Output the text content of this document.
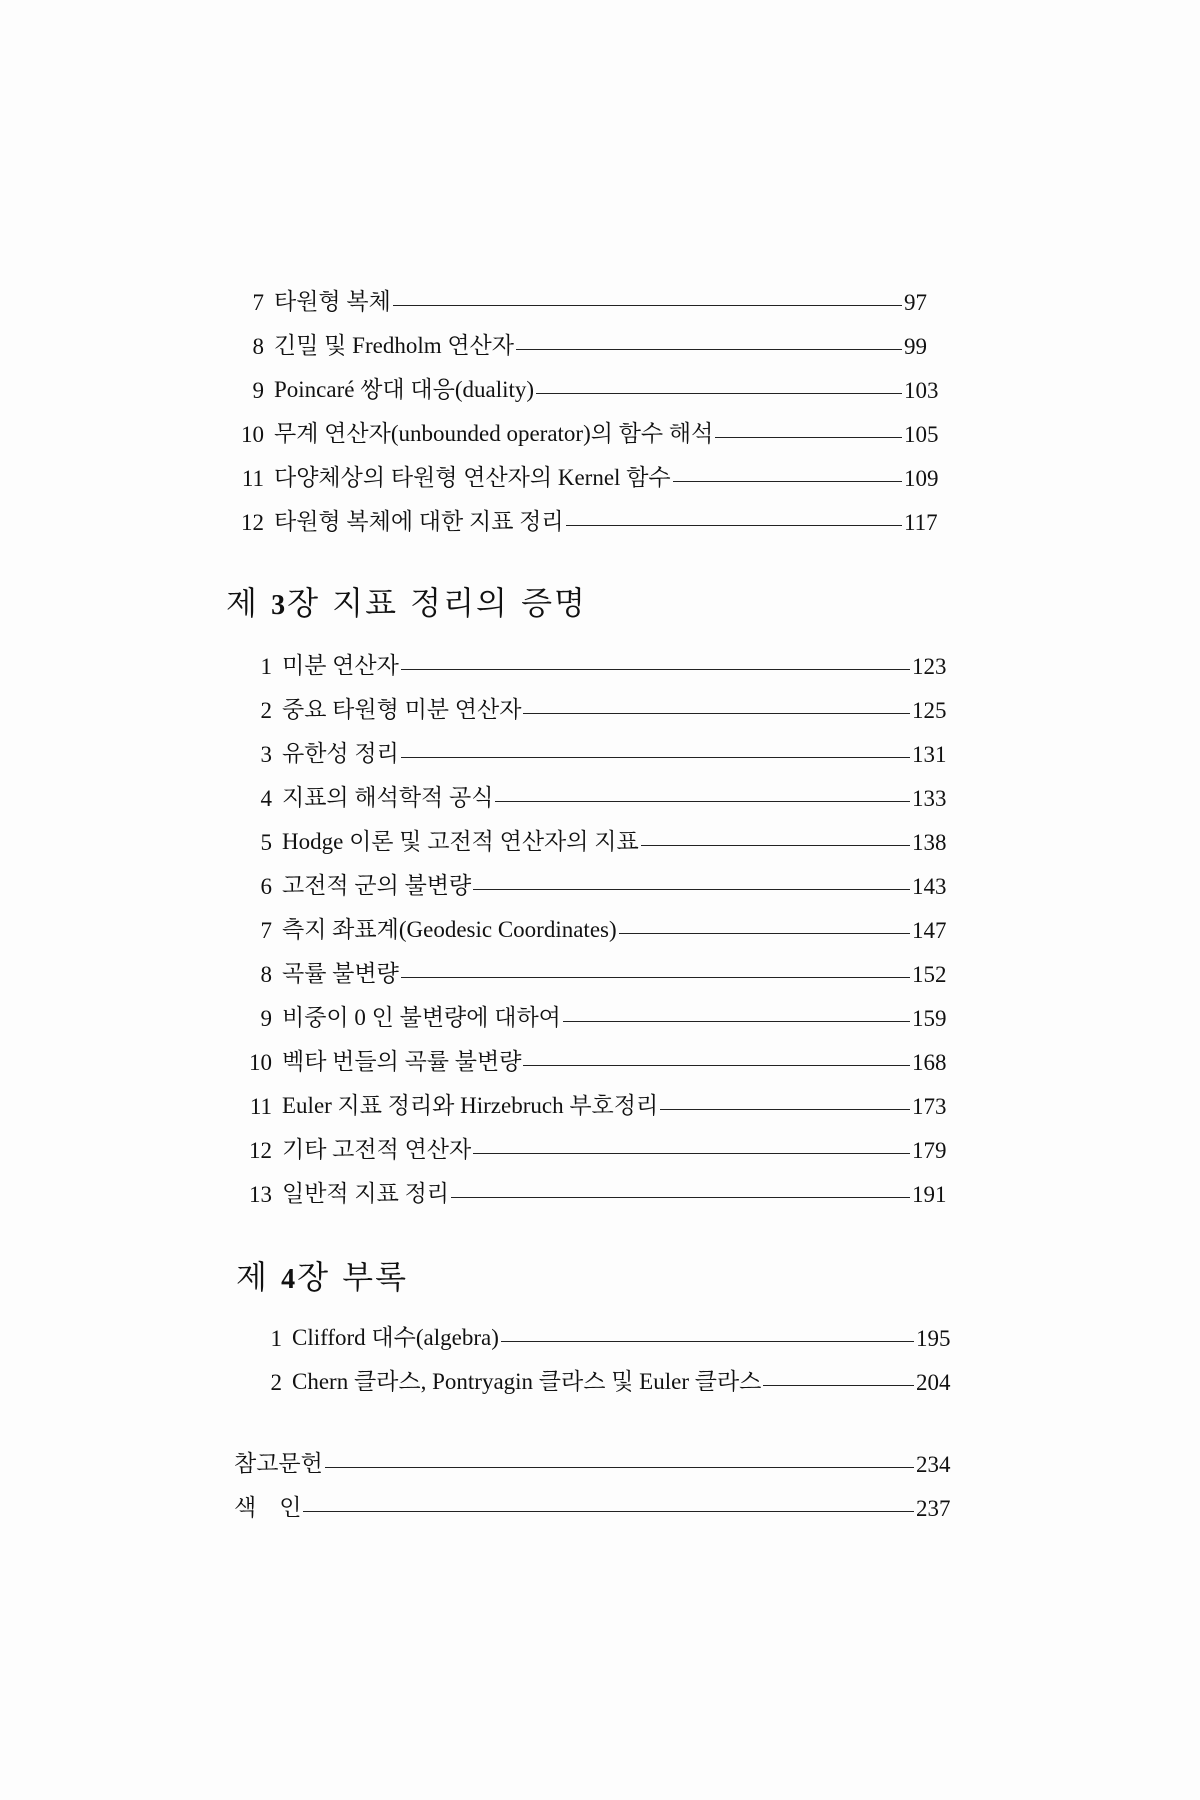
7 타원형 복체	97
8 긴밀 및 Fredholm 연산자	99
9 Poincaré 쌍대 대응(duality)	103
10 무계 연산자(unbounded operator)의 함수 해석	105
11 다양체상의 타원형 연산자의 Kernel 함수	109
12 타원형 복체에 대한 지표 정리	117
제 3장 지표 정리의 증명
1 미분 연산자	123
2 중요 타원형 미분 연산자	125
3 유한성 정리	131
4 지표의 해석학적 공식	133
5 Hodge 이론 및 고전적 연산자의 지표	138
6 고전적 군의 불변량	143
7 측지 좌표계(Geodesic Coordinates)	147
8 곡률 불변량	152
9 비중이 0 인 불변량에 대하여	159
10 벡타 번들의 곡률 불변량	168
11 Euler 지표 정리와 Hirzebruch 부호정리	173
12 기타 고전적 연산자	179
13 일반적 지표 정리	191
제 4장 부록
1 Clifford 대수(algebra)	195
2 Chern 클라스, Pontryagin 클라스 및 Euler 클라스	204
참고문헌	234
색    인	237
